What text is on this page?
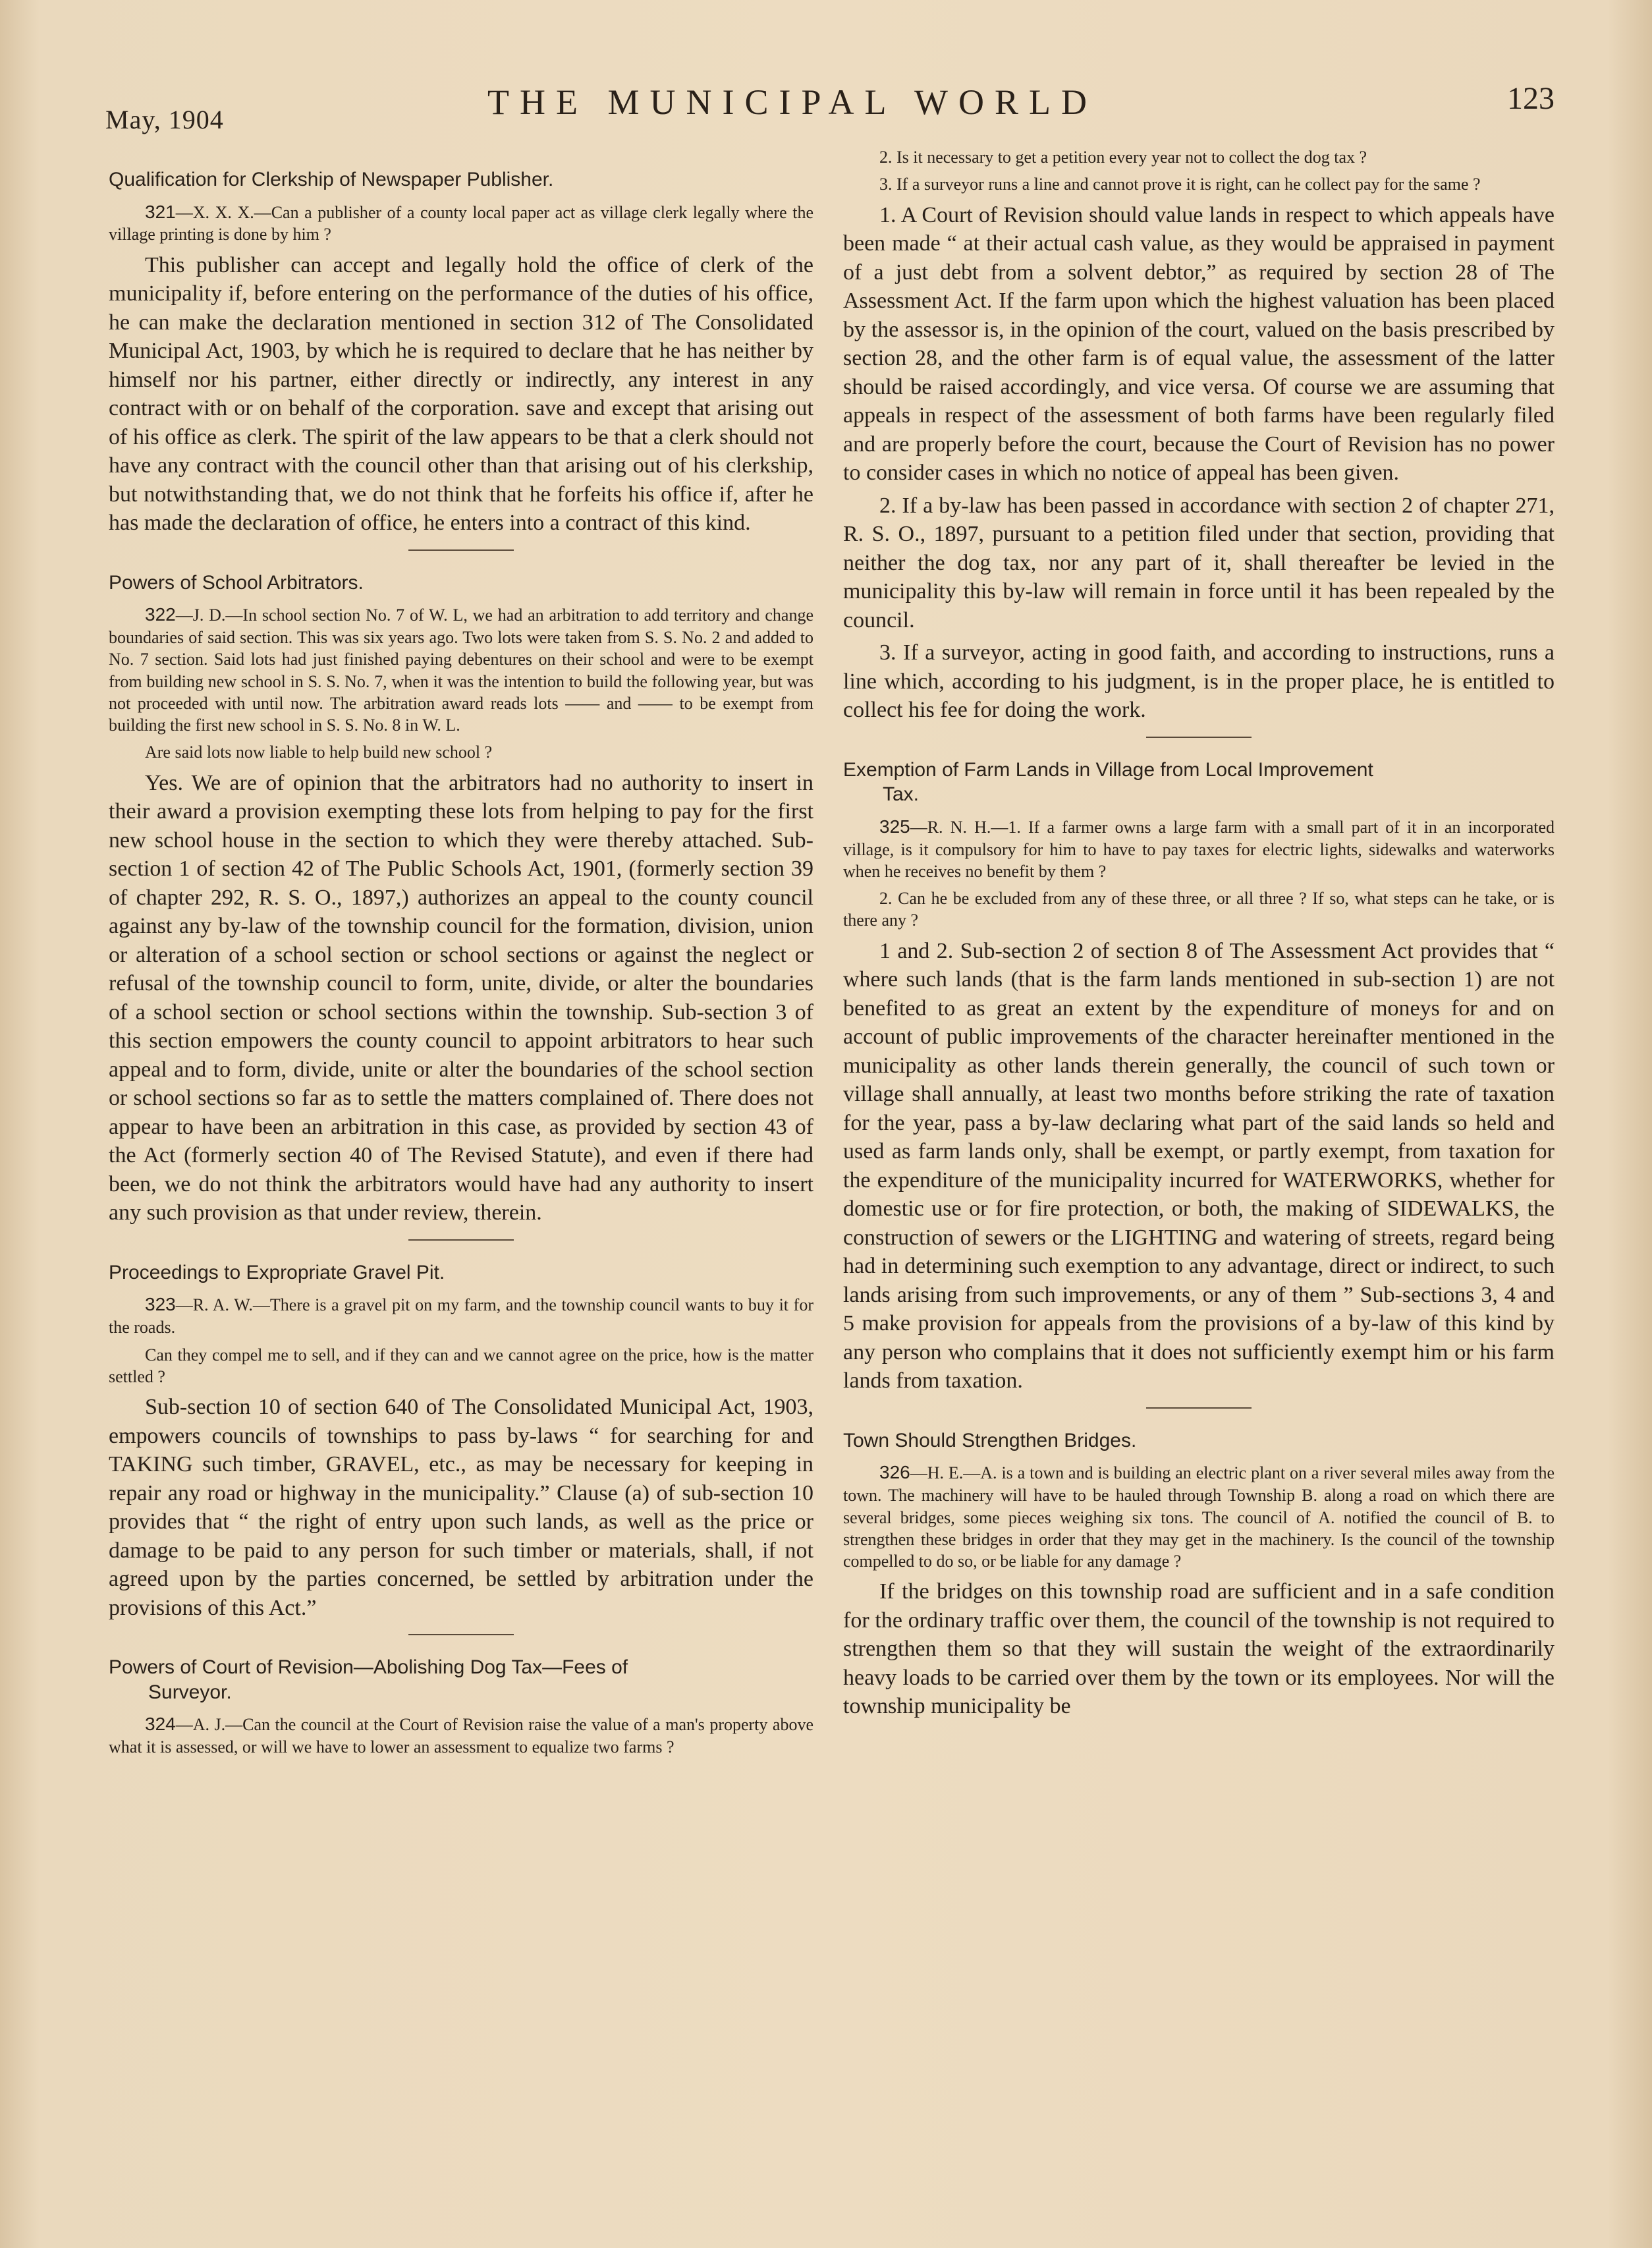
May, 1904	THE MUNICIPAL WORLD	123
Qualification for Clerkship of Newspaper Publisher.

321—X. X. X.—Can a publisher of a county local paper act as village clerk legally where the village printing is done by him ?

This publisher can accept and legally hold the office of clerk of the municipality if, before entering on the performance of the duties of his office, he can make the declaration mentioned in section 312 of The Consolidated Municipal Act, 1903, by which he is required to declare that he has neither by himself nor his partner, either directly or indirectly, any interest in any contract with or on behalf of the corporation. save and except that arising out of his office as clerk. The spirit of the law appears to be that a clerk should not have any contract with the council other than that arising out of his clerkship, but notwithstanding that, we do not think that he forfeits his office if, after he has made the declaration of office, he enters into a contract of this kind.

Powers of School Arbitrators.

322—J. D.—In school section No. 7 of W. L, we had an arbitration to add territory and change boundaries of said section. This was six years ago. Two lots were taken from S. S. No. 2 and added to No. 7 section. Said lots had just finished paying debentures on their school and were to be exempt from building new school in S. S. No. 7, when it was the intention to build the following year, but was not proceeded with until now. The arbitration award reads lots —— and —— to be exempt from building the first new school in S. S. No. 8 in W. L.

Are said lots now liable to help build new school ?

Yes. We are of opinion that the arbitrators had no authority to insert in their award a provision exempting these lots from helping to pay for the first new school house in the section to which they were thereby attached. Sub-section 1 of section 42 of The Public Schools Act, 1901, (formerly section 39 of chapter 292, R. S. O., 1897,) authorizes an appeal to the county council against any by-law of the township council for the formation, division, union or alteration of a school section or school sections or against the neglect or refusal of the township council to form, unite, divide, or alter the boundaries of a school section or school sections within the township. Sub-section 3 of this section empowers the county council to appoint arbitrators to hear such appeal and to form, divide, unite or alter the boundaries of the school section or school sections so far as to settle the matters complained of. There does not appear to have been an arbitration in this case, as provided by section 43 of the Act (formerly section 40 of The Revised Statute), and even if there had been, we do not think the arbitrators would have had any authority to insert any such provision as that under review, therein.

Proceedings to Expropriate Gravel Pit.

323—R. A. W.—There is a gravel pit on my farm, and the township council wants to buy it for the roads.

Can they compel me to sell, and if they can and we cannot agree on the price, how is the matter settled ?

Sub-section 10 of section 640 of The Consolidated Municipal Act, 1903, empowers councils of townships to pass by-laws “ for searching for and TAKING such timber, GRAVEL, etc., as may be necessary for keeping in repair any road or highway in the municipality.” Clause (a) of sub-section 10 provides that “ the right of entry upon such lands, as well as the price or damage to be paid to any person for such timber or materials, shall, if not agreed upon by the parties concerned, be settled by arbitration under the provisions of this Act.”

Powers of Court of Revision—Abolishing Dog Tax—Fees of
Surveyor.

324—A. J.—Can the council at the Court of Revision raise the value of a man's property above what it is assessed, or will we have to lower an assessment to equalize two farms ?

2. Is it necessary to get a petition every year not to collect the dog tax ?

3. If a surveyor runs a line and cannot prove it is right, can he collect pay for the same ?

1. A Court of Revision should value lands in respect to which appeals have been made “ at their actual cash value, as they would be appraised in payment of a just debt from a solvent debtor,” as required by section 28 of The Assessment Act. If the farm upon which the highest valuation has been placed by the assessor is, in the opinion of the court, valued on the basis prescribed by section 28, and the other farm is of equal value, the assessment of the latter should be raised accordingly, and vice versa. Of course we are assuming that appeals in respect of the assessment of both farms have been regularly filed and are properly before the court, because the Court of Revision has no power to consider cases in which no notice of appeal has been given.

2. If a by-law has been passed in accordance with section 2 of chapter 271, R. S. O., 1897, pursuant to a petition filed under that section, providing that neither the dog tax, nor any part of it, shall thereafter be levied in the municipality this by-law will remain in force until it has been repealed by the council.

3. If a surveyor, acting in good faith, and according to instructions, runs a line which, according to his judgment, is in the proper place, he is entitled to collect his fee for doing the work.

Exemption of Farm Lands in Village from Local Improvement
Tax.

325—R. N. H.—1. If a farmer owns a large farm with a small part of it in an incorporated village, is it compulsory for him to have to pay taxes for electric lights, sidewalks and waterworks when he receives no benefit by them ?

2. Can he be excluded from any of these three, or all three ? If so, what steps can he take, or is there any ?

1 and 2. Sub-section 2 of section 8 of The Assessment Act provides that “ where such lands (that is the farm lands mentioned in sub-section 1) are not benefited to as great an extent by the expenditure of moneys for and on account of public improvements of the character hereinafter mentioned in the municipality as other lands therein generally, the council of such town or village shall annually, at least two months before striking the rate of taxation for the year, pass a by-law declaring what part of the said lands so held and used as farm lands only, shall be exempt, or partly exempt, from taxation for the expenditure of the municipality incurred for WATERWORKS, whether for domestic use or for fire protection, or both, the making of SIDEWALKS, the construction of sewers or the LIGHTING and watering of streets, regard being had in determining such exemption to any advantage, direct or indirect, to such lands arising from such improvements, or any of them ” Sub-sections 3, 4 and 5 make provision for appeals from the provisions of a by-law of this kind by any person who complains that it does not sufficiently exempt him or his farm lands from taxation.

Town Should Strengthen Bridges.

326—H. E.—A. is a town and is building an electric plant on a river several miles away from the town. The machinery will have to be hauled through Township B. along a road on which there are several bridges, some pieces weighing six tons. The council of A. notified the council of B. to strengthen these bridges in order that they may get in the machinery. Is the council of the township compelled to do so, or be liable for any damage ?

If the bridges on this township road are sufficient and in a safe condition for the ordinary traffic over them, the council of the township is not required to strengthen them so that they will sustain the weight of the extraordinarily heavy loads to be carried over them by the town or its employees. Nor will the township municipality be
